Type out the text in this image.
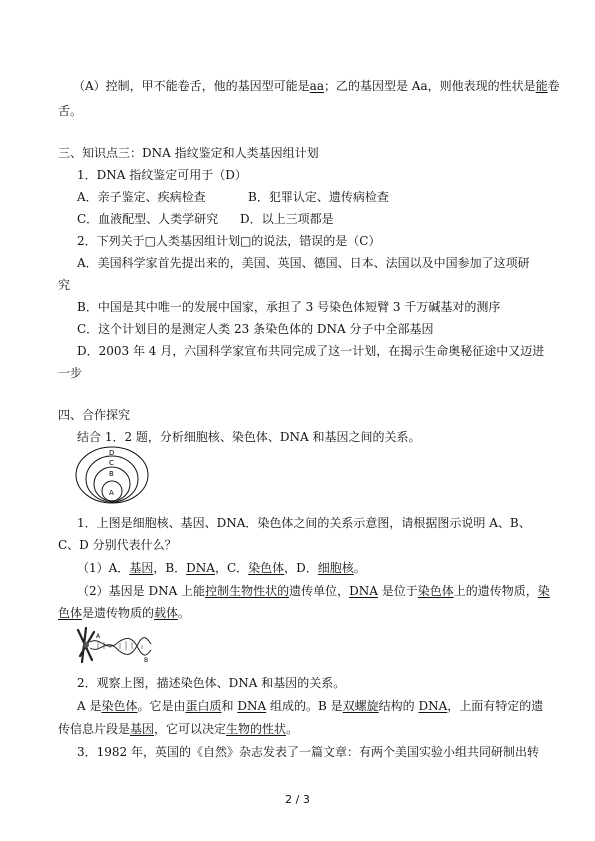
（A）控制，甲不能卷舌，他的基因型可能是aa；乙的基因型是 Aa，则他表现的性状是能卷
舌。
三、知识点三：DNA 指纹鉴定和人类基因组计划
1．DNA 指纹鉴定可用于（D）
A．亲子鉴定、疾病检查	B．犯罪认定、遗传病检查
C．血液配型、人类学研究 D．以上三项都是
2．下列关于□人类基因组计划□的说法，错误的是（C）
A．美国科学家首先提出来的，美国、英国、德国、日本、法国以及中国参加了这项研
究
B．中国是其中唯一的发展中国家，承担了 3 号染色体短臂 3 千万碱基对的测序
C．这个计划目的是测定人类 23 条染色体的 DNA 分子中全部基因
D．2003 年 4 月，六国科学家宣布共同完成了这一计划，在揭示生命奥秘征途中又迈进
一步
四、合作探究
结合 1．2 题，分析细胞核、染色体、DNA 和基因之间的关系。
D
C
B
A
1．上图是细胞核、基因、DNA．染色体之间的关系示意图，请根据图示说明 A、B、
C、D 分别代表什么？
（1）A．基因，B．DNA，C．染色体，D．细胞核。
（2）基因是 DNA 上能控制生物性状的遗传单位，DNA 是位于染色体上的遗传物质，染
色体是遗传物质的载体。
A
B
2．观察上图，描述染色体、DNA 和基因的关系。
A 是染色体。它是由蛋白质和 DNA 组成的。B 是双螺旋结构的 DNA，上面有特定的遗
传信息片段是基因，它可以决定生物的性状。
3．1982 年，英国的《自然》杂志发表了一篇文章：有两个美国实验小组共同研制出转
2 / 3
